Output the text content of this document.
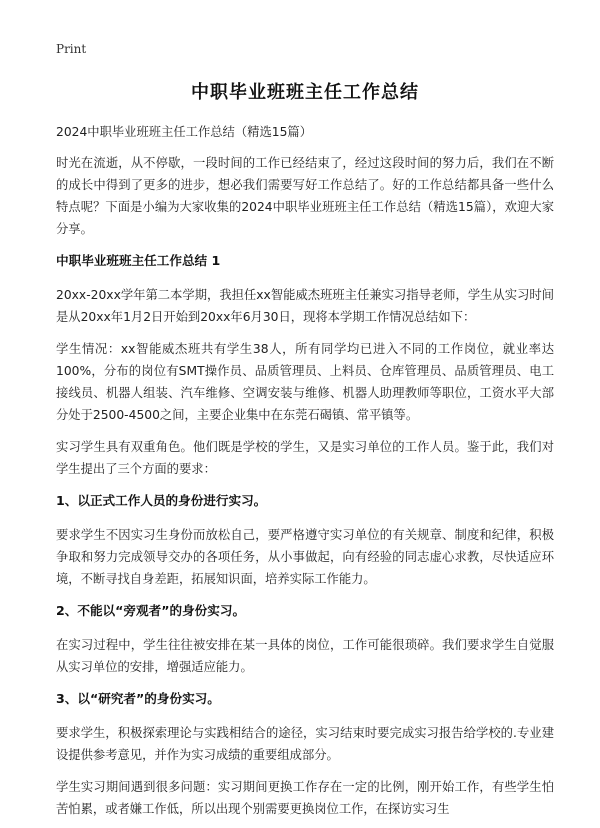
Print
中职毕业班班主任工作总结

2024中职毕业班班主任工作总结（精选15篇）

时光在流逝，从不停歇，一段时间的工作已经结束了，经过这段时间的努力后，我们在不断的成长中得到了更多的进步，想必我们需要写好工作总结了。好的工作总结都具备一些什么特点呢？下面是小编为大家收集的2024中职毕业班班主任工作总结（精选15篇），欢迎大家分享。

中职毕业班班主任工作总结 1

20xx-20xx学年第二本学期，我担任xx智能威杰班班主任兼实习指导老师，学生从实习时间是从20xx年1月2日开始到20xx年6月30日，现将本学期工作情况总结如下：

学生情况：xx智能威杰班共有学生38人，所有同学均已进入不同的工作岗位，就业率达100%，分布的岗位有SMT操作员、品质管理员、上料员、仓库管理员、品质管理员、电工接线员、机器人组装、汽车维修、空调安装与维修、机器人助理教师等职位，工资水平大部分处于2500-4500之间，主要企业集中在东莞石碣镇、常平镇等。

实习学生具有双重角色。他们既是学校的学生，又是实习单位的工作人员。鉴于此，我们对学生提出了三个方面的要求：

1、以正式工作人员的身份进行实习。

要求学生不因实习生身份而放松自己，要严格遵守实习单位的有关规章、制度和纪律，积极争取和努力完成领导交办的各项任务，从小事做起，向有经验的同志虚心求教，尽快适应环境，不断寻找自身差距，拓展知识面，培养实际工作能力。

2、不能以“旁观者”的身份实习。

在实习过程中，学生往往被安排在某一具体的岗位，工作可能很琐碎。我们要求学生自觉服从实习单位的安排，增强适应能力。

3、以“研究者”的身份实习。

要求学生，积极探索理论与实践相结合的途径，实习结束时要完成实习报告给学校的.专业建设提供参考意见，并作为实习成绩的重要组成部分。

学生实习期间遇到很多问题：实习期间更换工作存在一定的比例，刚开始工作，有些学生怕苦怕累，或者嫌工作低，所以出现个别需要更换岗位工作，在探访实习生
